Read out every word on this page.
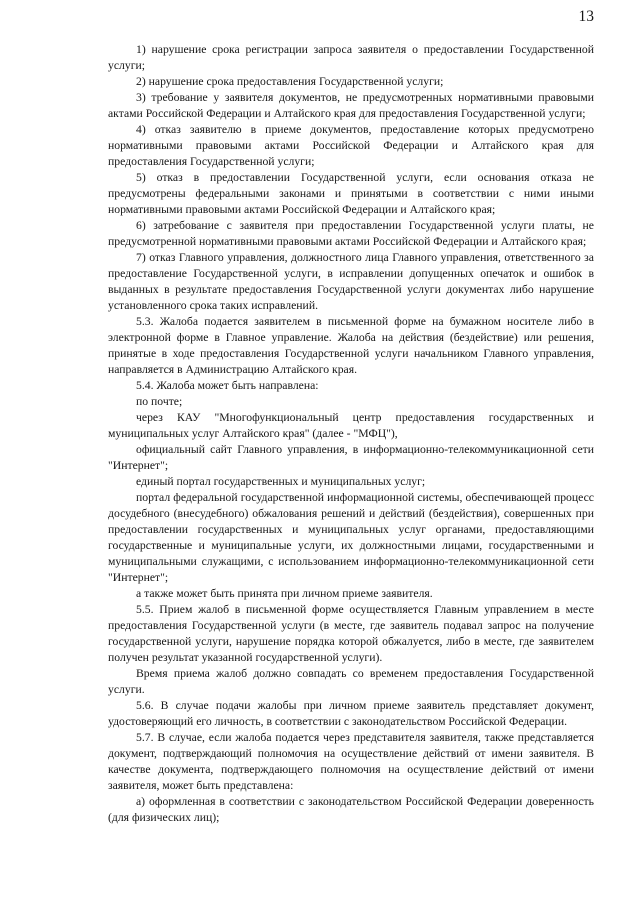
13

1) нарушение срока регистрации запроса заявителя о предоставлении Государственной услуги;

2) нарушение срока предоставления Государственной услуги;

3) требование у заявителя документов, не предусмотренных нормативными правовыми актами Российской Федерации и Алтайского края для предоставления Государственной услуги;

4) отказ заявителю в приеме документов, предоставление которых предусмотрено нормативными правовыми актами Российской Федерации и Алтайского края для предоставления Государственной услуги;

5) отказ в предоставлении Государственной услуги, если основания отказа не предусмотрены федеральными законами и принятыми в соответствии с ними иными нормативными правовыми актами Российской Федерации и Алтайского края;

6) затребование с заявителя при предоставлении Государственной услуги платы, не предусмотренной нормативными правовыми актами Российской Федерации и Алтайского края;

7) отказ Главного управления, должностного лица Главного управления, ответственного за предоставление Государственной услуги, в исправлении допущенных опечаток и ошибок в выданных в результате предоставления Государственной услуги документах либо нарушение установленного срока таких исправлений.

5.3. Жалоба подается заявителем в письменной форме на бумажном носителе либо в электронной форме в Главное управление. Жалоба на действия (бездействие) или решения, принятые в ходе предоставления Государственной услуги начальником Главного управления, направляется в Администрацию Алтайского края.

5.4. Жалоба может быть направлена:

по почте;

через КАУ "Многофункциональный центр предоставления государственных и муниципальных услуг Алтайского края" (далее - "МФЦ"),

официальный сайт Главного управления, в информационно-телекоммуникационной сети "Интернет";

единый портал государственных и муниципальных услуг;

портал федеральной государственной информационной системы, обеспечивающей процесс досудебного (внесудебного) обжалования решений и действий (бездействия), совершенных при предоставлении государственных и муниципальных услуг органами, предоставляющими государственные и муниципальные услуги, их должностными лицами, государственными и муниципальными служащими, с использованием информационно-телекоммуникационной сети "Интернет";

а также может быть принята при личном приеме заявителя.

5.5. Прием жалоб в письменной форме осуществляется Главным управлением в месте предоставления Государственной услуги (в месте, где заявитель подавал запрос на получение государственной услуги, нарушение порядка которой обжалуется, либо в месте, где заявителем получен результат указанной государственной услуги).

Время приема жалоб должно совпадать со временем предоставления Государственной услуги.

5.6. В случае подачи жалобы при личном приеме заявитель представляет документ, удостоверяющий его личность, в соответствии с законодательством Российской Федерации.

5.7. В случае, если жалоба подается через представителя заявителя, также представляется документ, подтверждающий полномочия на осуществление действий от имени заявителя. В качестве документа, подтверждающего полномочия на осуществление действий от имени заявителя, может быть представлена:

а) оформленная в соответствии с законодательством Российской Федерации доверенность (для физических лиц);
